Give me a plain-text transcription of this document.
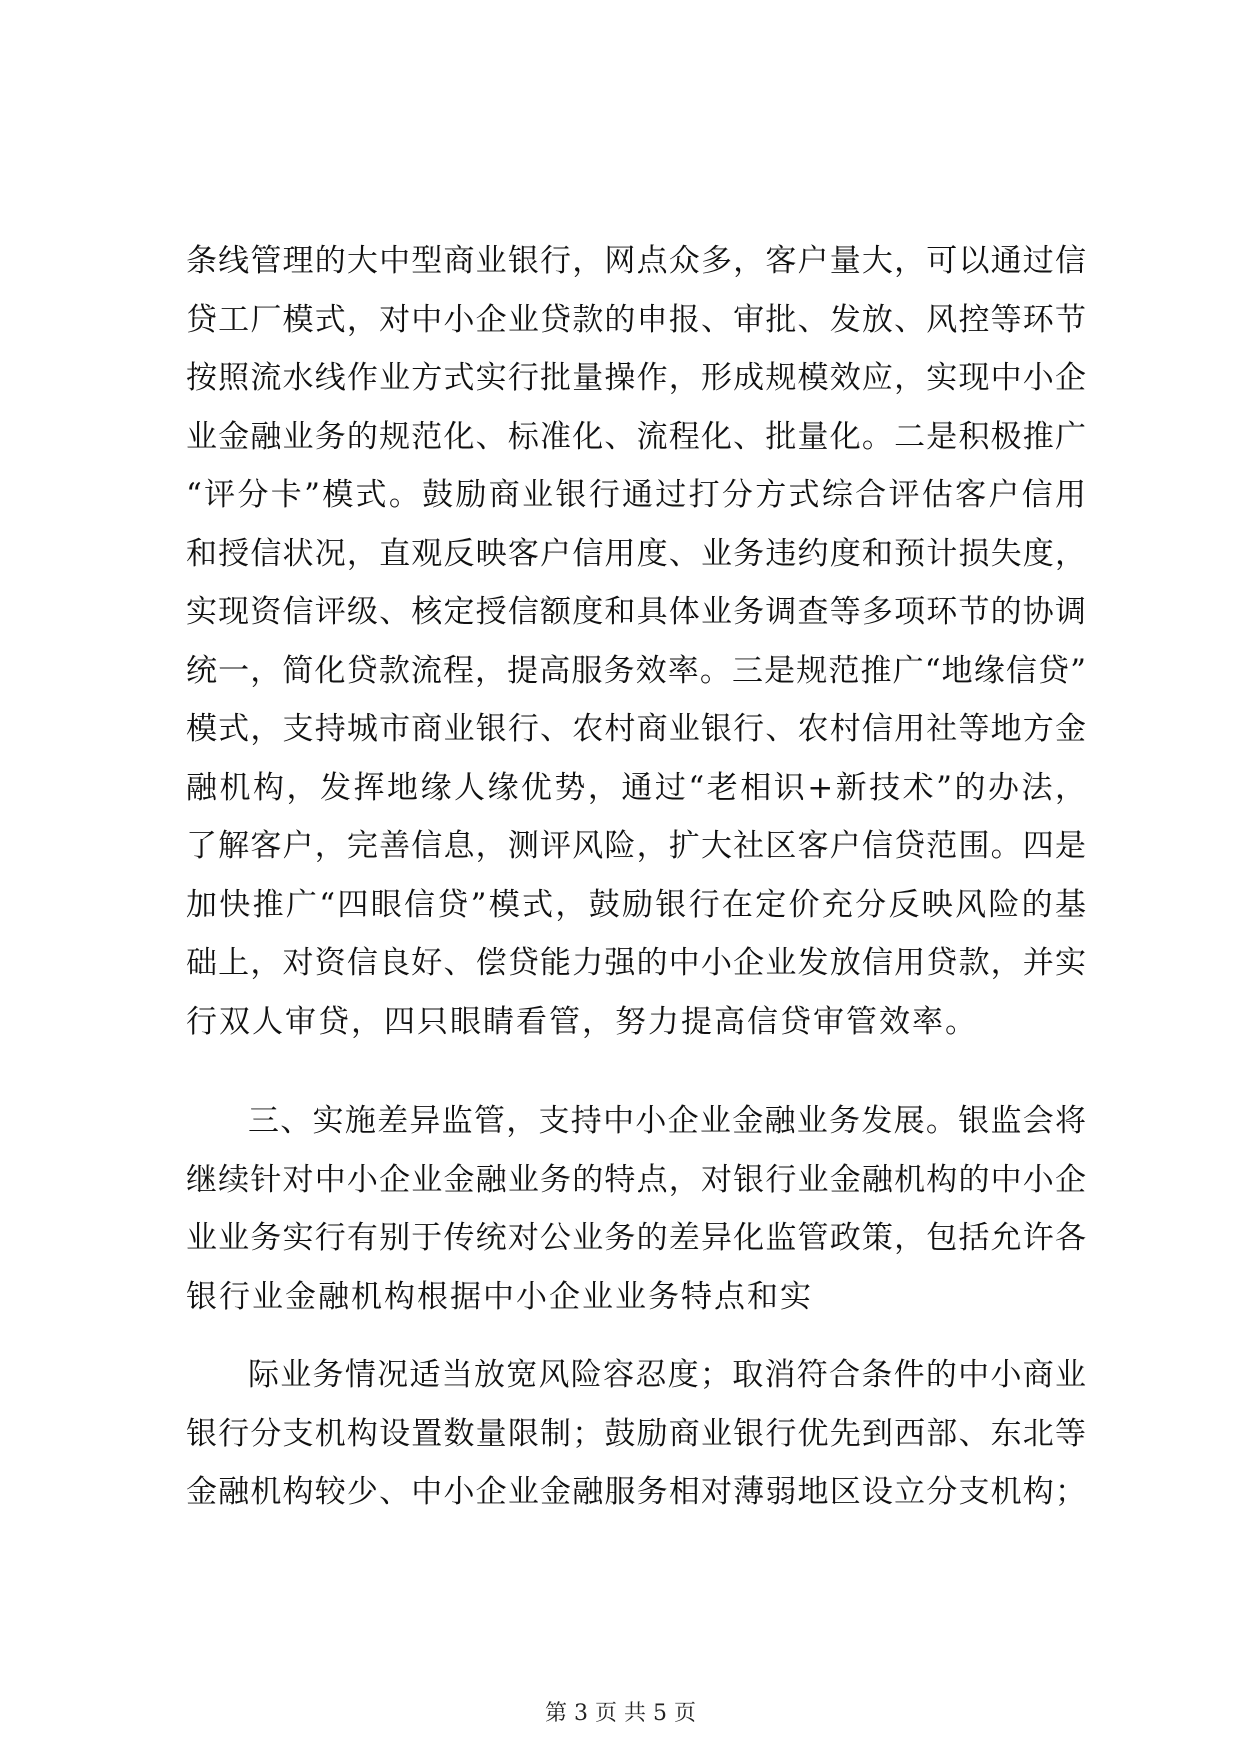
条线管理的大中型商业银行，网点众多，客户量大，可以通过信
贷工厂模式，对中小企业贷款的申报、审批、发放、风控等环节
按照流水线作业方式实行批量操作，形成规模效应，实现中小企
业金融业务的规范化、标准化、流程化、批量化。二是积极推广
“评分卡”模式。鼓励商业银行通过打分方式综合评估客户信用
和授信状况，直观反映客户信用度、业务违约度和预计损失度，
实现资信评级、核定授信额度和具体业务调查等多项环节的协调
统一，简化贷款流程，提高服务效率。三是规范推广“地缘信贷”
模式，支持城市商业银行、农村商业银行、农村信用社等地方金
融机构，发挥地缘人缘优势，通过“老相识+新技术”的办法，
了解客户，完善信息，测评风险，扩大社区客户信贷范围。四是
加快推广“四眼信贷”模式，鼓励银行在定价充分反映风险的基
础上，对资信良好、偿贷能力强的中小企业发放信用贷款，并实
行双人审贷，四只眼睛看管，努力提高信贷审管效率。
三、实施差异监管，支持中小企业金融业务发展。银监会将
继续针对中小企业金融业务的特点，对银行业金融机构的中小企
业业务实行有别于传统对公业务的差异化监管政策，包括允许各
银行业金融机构根据中小企业业务特点和实
际业务情况适当放宽风险容忍度；取消符合条件的中小商业
银行分支机构设置数量限制；鼓励商业银行优先到西部、东北等
金融机构较少、中小企业金融服务相对薄弱地区设立分支机构；
第 3 页 共 5 页
